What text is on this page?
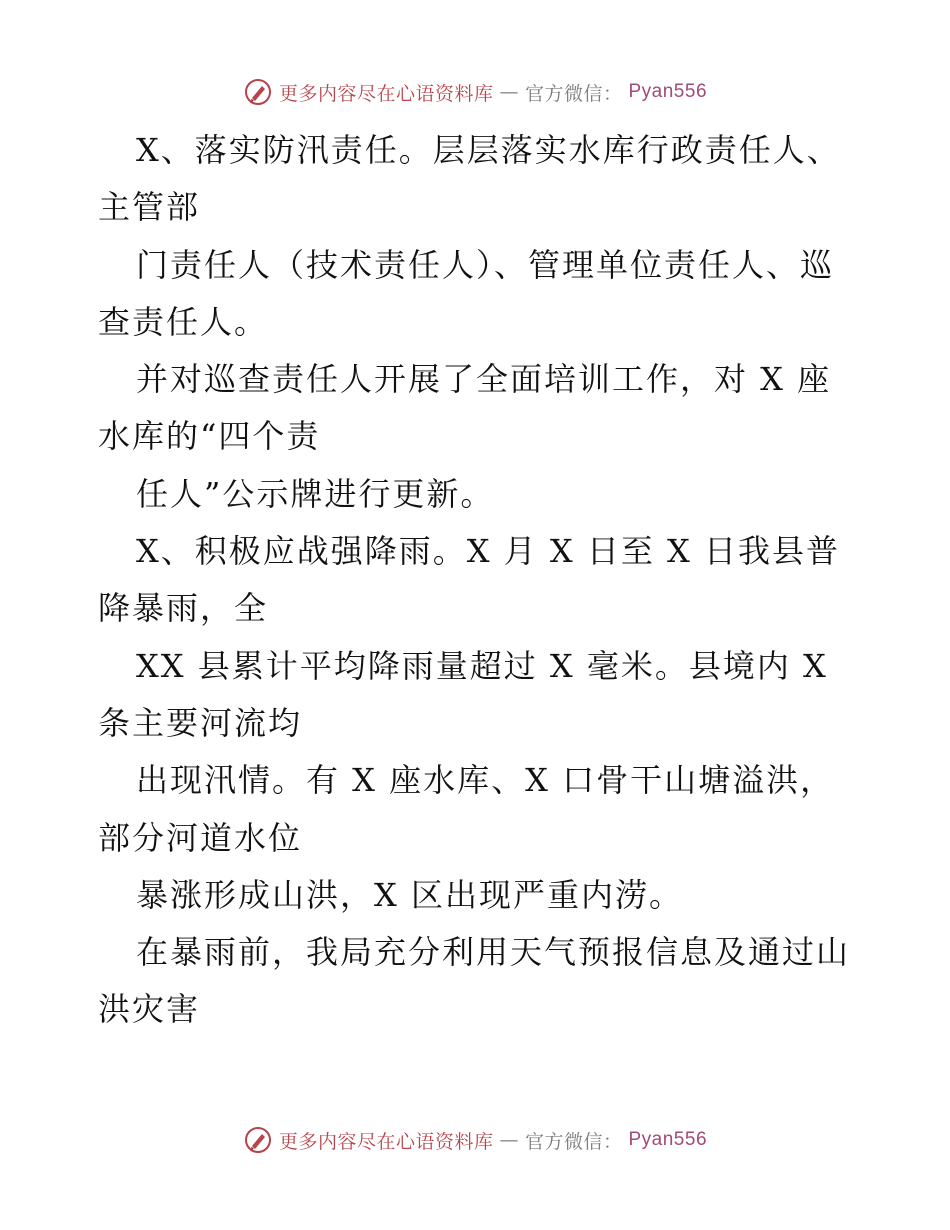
更多内容尽在心语资料库 — 官方微信： Pyan556

X、落实防汛责任。层层落实水库行政责任人、

主管部

门责任人（技术责任人）、管理单位责任人、巡

查责任人。

并对巡查责任人开展了全面培训工作，对 X 座

水库的“四个责

任人”公示牌进行更新。

X、积极应战强降雨。X 月 X 日至 X 日我县普

降暴雨，全

XX 县累计平均降雨量超过 X 毫米。县境内 X

条主要河流均

出现汛情。有 X 座水库、X 口骨干山塘溢洪，

部分河道水位

暴涨形成山洪，X 区出现严重内涝。

在暴雨前，我局充分利用天气预报信息及通过山

洪灾害

更多内容尽在心语资料库 — 官方微信： Pyan556
